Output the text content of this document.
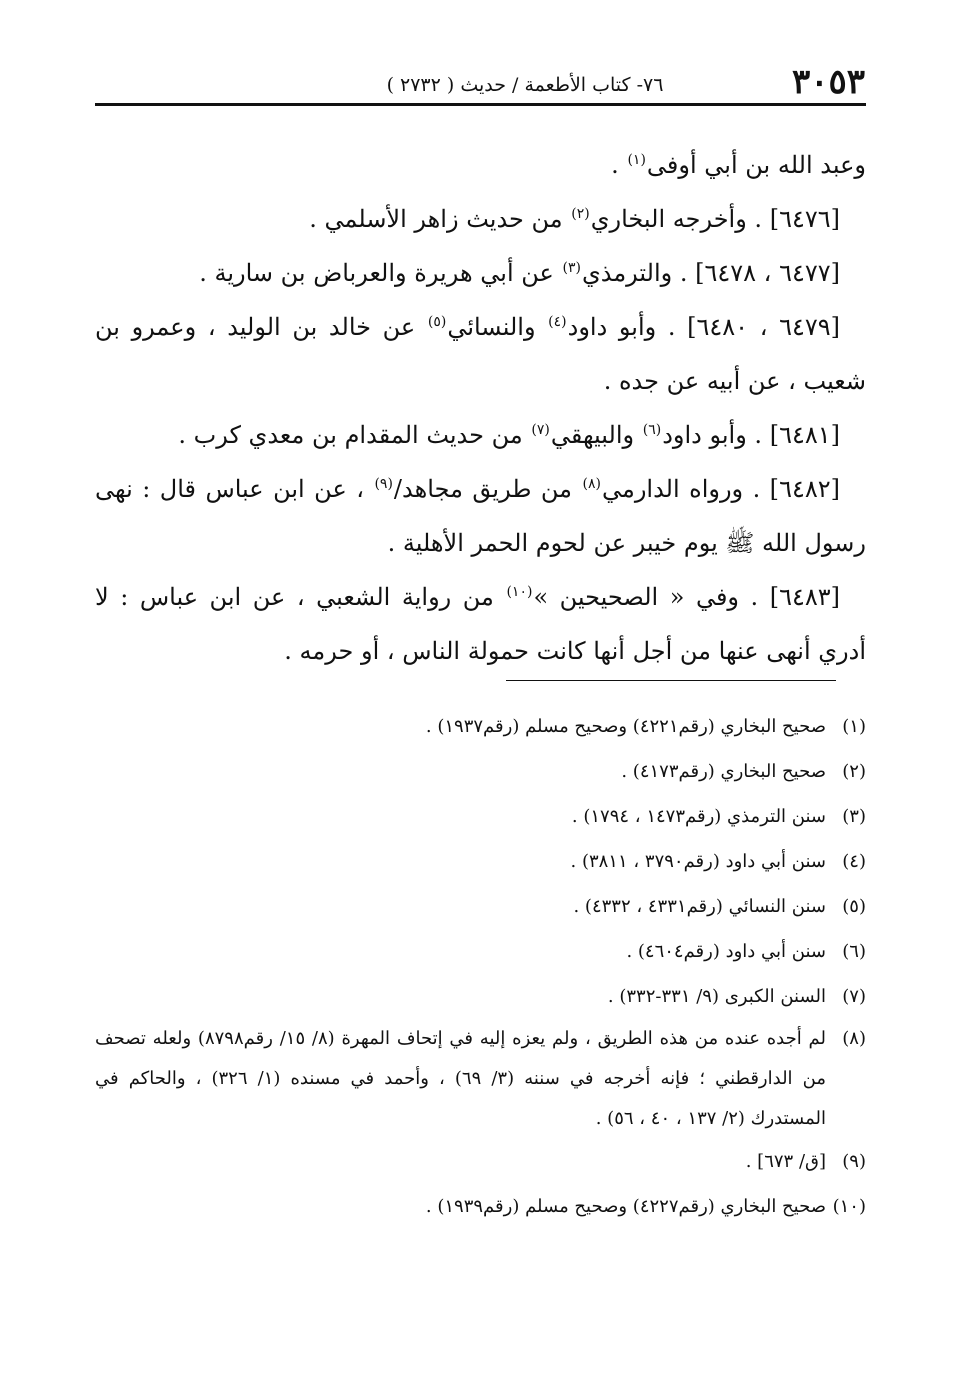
٣٠٥٣
٧٦- كتاب الأطعمة / حديث ( ٢٧٣٢ )

وعبد الله بن أبي أوفى$^{(١)}$ .

[٦٤٧٦] . وأخرجه البخاري$^{(٢)}$ من حديث زاهر الأسلمي .

[٦٤٧٧ ، ٦٤٧٨] . والترمذي$^{(٣)}$ عن أبي هريرة والعرباض بن سارية .

[٦٤٧٩ ، ٦٤٨٠] . وأبو داود$^{(٤)}$ والنسائي$^{(٥)}$ عن خالد بن الوليد ، وعمرو بن شعيب ، عن أبيه عن جده .

[٦٤٨١] . وأبو داود$^{(٦)}$ والبيهقي$^{(٧)}$ من حديث المقدام بن معدي كرب .

[٦٤٨٢] . ورواه الدارمي$^{(٨)}$ من طريق مجاهد/$^{(٩)}$ ، عن ابن عباس قال : نهى رسول الله ﷺ يوم خيبر عن لحوم الحمر الأهلية .

[٦٤٨٣] . وفي « الصحيحين »$^{(١٠)}$ من رواية الشعبي ، عن ابن عباس : لا أدري أنهى عنها من أجل أنها كانت حمولة الناس ، أو حرمه .

(١)
صحيح البخاري (رقم٤٢٢١) وصحيح مسلم (رقم١٩٣٧) .
(٢)
صحيح البخاري (رقم٤١٧٣) .
(٣)
سنن الترمذي (رقم١٤٧٣ ، ١٧٩٤) .
(٤)
سنن أبي داود (رقم٣٧٩٠ ، ٣٨١١) .
(٥)
سنن النسائي (رقم٤٣٣١ ، ٤٣٣٢) .
(٦)
سنن أبي داود (رقم٤٦٠٤) .
(٧)
السنن الكبرى (٩/ ٣٣١-٣٣٢) .
(٨)
لم أجده عنده من هذه الطريق ، ولم يعزه إليه في إتحاف المهرة (٨/ ١٥/ رقم٨٧٩٨) ولعله تصحف من الدارقطني ؛ فإنه أخرجه في سننه (٣/ ٦٩) ، وأحمد في مسنده (١/ ٣٢٦) ، والحاكم في المستدرك (٢/ ١٣٧ ، ٤٠ ، ٥٦) .
(٩)
[ق/ ٦٧٣] .
(١٠)
صحيح البخاري (رقم٤٢٢٧) وصحيح مسلم (رقم١٩٣٩) .
